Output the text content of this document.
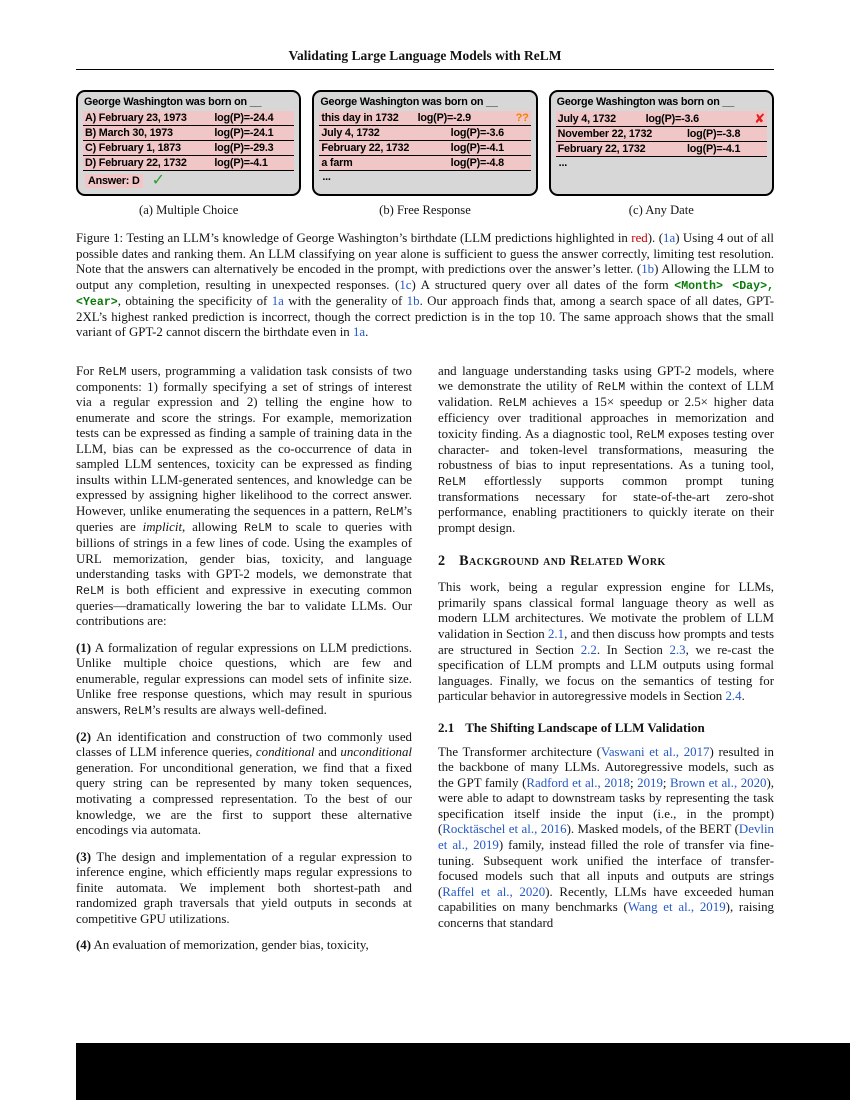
Validating Large Language Models with ReLM
George Washington was born on __
A) February 23, 1973	log(P)=-24.4
B) March 30, 1973	log(P)=-24.1
C) February 1, 1873	log(P)=-29.3
D) February 22, 1732	log(P)=-4.1
Answer: D ✓
(a) Multiple Choice
George Washington was born on __
this day in 1732 log(P)=-2.9	??
July 4, 1732	log(P)=-3.6
February 22, 1732	log(P)=-4.1
a farm	log(P)=-4.8
...
(b) Free Response
George Washington was born on __
July 4, 1732	log(P)=-3.6	✘
November 22, 1732	log(P)=-3.8
February 22, 1732	log(P)=-4.1
...
(c) Any Date

Figure 1: Testing an LLM’s knowledge of George Washington’s birthdate (LLM predictions highlighted in red). (1a) Using 4 out of all possible dates and ranking them. An LLM classifying on year alone is sufficient to guess the answer correctly, limiting test resolution. Note that the answers can alternatively be encoded in the prompt, with predictions over the answer’s letter. (1b) Allowing the LLM to output any completion, resulting in unexpected responses. (1c) A structured query over all dates of the form <Month> <Day>, <Year>, obtaining the specificity of 1a with the generality of 1b. Our approach finds that, among a search space of all dates, GPT-2XL’s highest ranked prediction is incorrect, though the correct prediction is in the top 10. The same approach shows that the small variant of GPT-2 cannot discern the birthdate even in 1a.

For ReLM users, programming a validation task consists of two components: 1) formally specifying a set of strings of interest via a regular expression and 2) telling the engine how to enumerate and score the strings. For example, memorization tests can be expressed as finding a sample of training data in the LLM, bias can be expressed as the co-occurrence of data in sampled LLM sentences, toxicity can be expressed as finding insults within LLM-generated sentences, and knowledge can be expressed by assigning higher likelihood to the correct answer. However, unlike enumerating the sequences in a pattern, ReLM’s queries are implicit, allowing ReLM to scale to queries with billions of strings in a few lines of code. Using the examples of URL memorization, gender bias, toxicity, and language understanding tasks with GPT-2 models, we demonstrate that ReLM is both efficient and expressive in executing common queries—dramatically lowering the bar to validate LLMs. Our contributions are:

(1) A formalization of regular expressions on LLM predictions. Unlike multiple choice questions, which are few and enumerable, regular expressions can model sets of infinite size. Unlike free response questions, which may result in spurious answers, ReLM’s results are always well-defined.

(2) An identification and construction of two commonly used classes of LLM inference queries, conditional and unconditional generation. For unconditional generation, we find that a fixed query string can be represented by many token sequences, motivating a compressed representation. To the best of our knowledge, we are the first to support these alternative encodings via automata.

(3) The design and implementation of a regular expression to inference engine, which efficiently maps regular expressions to finite automata. We implement both shortest-path and randomized graph traversals that yield outputs in seconds at competitive GPU utilizations.

(4) An evaluation of memorization, gender bias, toxicity,

and language understanding tasks using GPT-2 models, where we demonstrate the utility of ReLM within the context of LLM validation. ReLM achieves a 15× speedup or 2.5× higher data efficiency over traditional approaches in memorization and toxicity finding. As a diagnostic tool, ReLM exposes testing over character- and token-level transformations, measuring the robustness of bias to input representations. As a tuning tool, ReLM effortlessly supports common prompt tuning transformations necessary for state-of-the-art zero-shot performance, enabling practitioners to quickly iterate on their prompt design.

2 Background and Related Work

This work, being a regular expression engine for LLMs, primarily spans classical formal language theory as well as modern LLM architectures. We motivate the problem of LLM validation in Section 2.1, and then discuss how prompts and tests are structured in Section 2.2. In Section 2.3, we re-cast the specification of LLM prompts and LLM outputs using formal languages. Finally, we focus on the semantics of testing for particular behavior in autoregressive models in Section 2.4.

2.1 The Shifting Landscape of LLM Validation

The Transformer architecture (Vaswani et al., 2017) resulted in the backbone of many LLMs. Autoregressive models, such as the GPT family (Radford et al., 2018; 2019; Brown et al., 2020), were able to adapt to downstream tasks by representing the task specification itself inside the input (i.e., in the prompt) (Rocktäschel et al., 2016). Masked models, of the BERT (Devlin et al., 2019) family, instead filled the role of transfer via fine-tuning. Subsequent work unified the interface of transfer-focused models such that all inputs and outputs are strings (Raffel et al., 2020). Recently, LLMs have exceeded human capabilities on many benchmarks (Wang et al., 2019), raising concerns that standard
